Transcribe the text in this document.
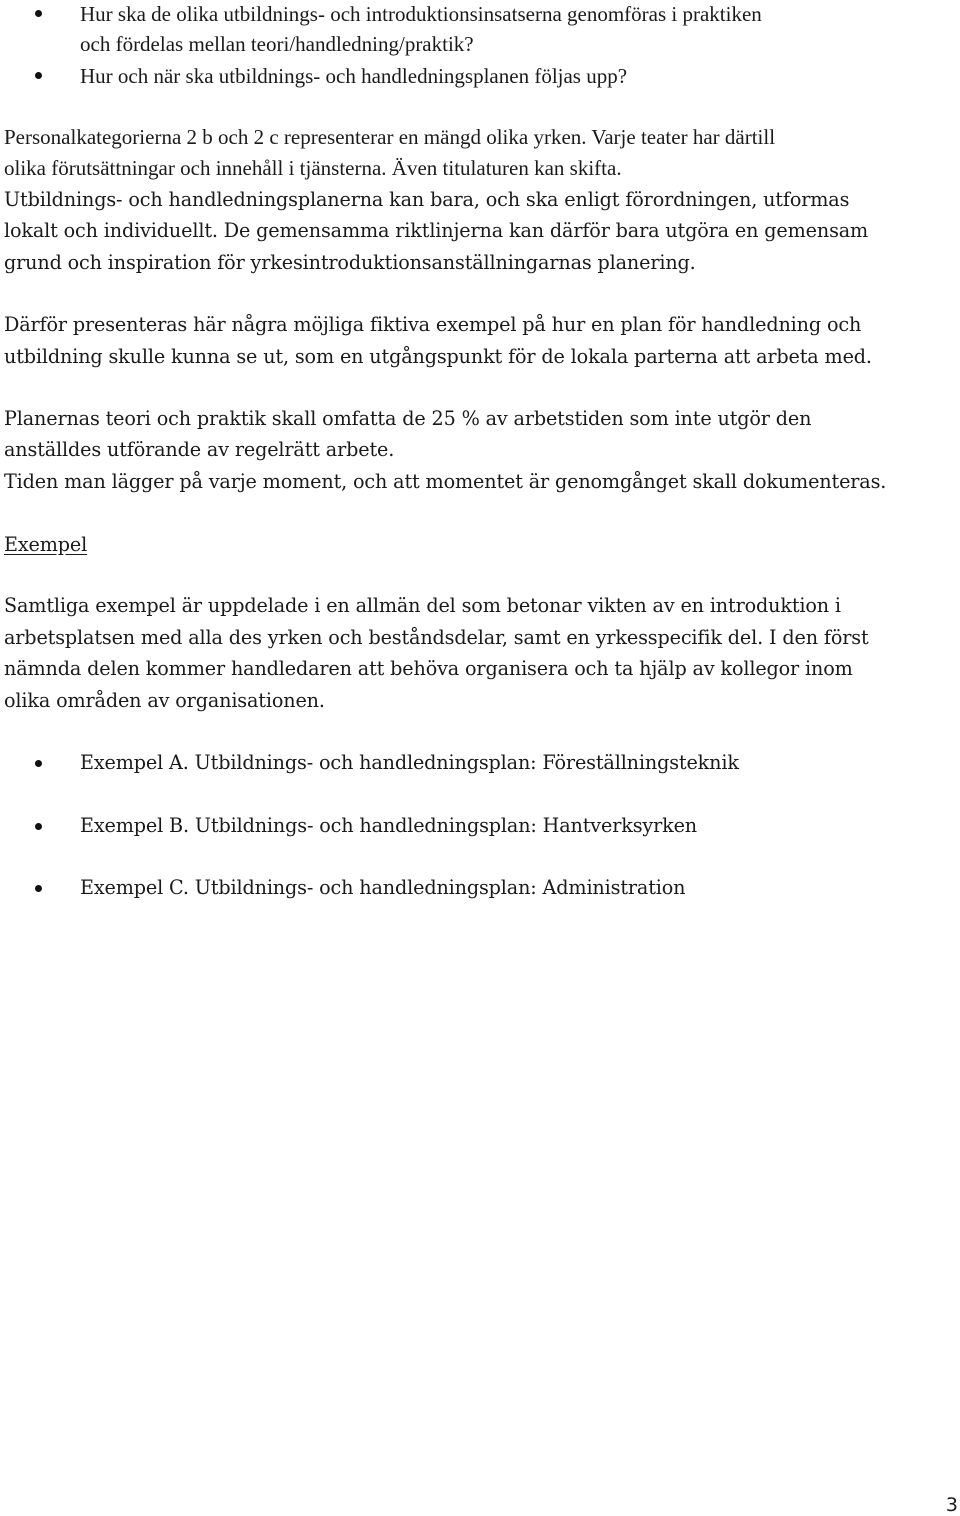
Hur ska de olika utbildnings- och introduktionsinsatserna genomföras i praktiken
och fördelas mellan teori/handledning/praktik?
Hur och när ska utbildnings- och handledningsplanen följas upp?
Personalkategorierna 2 b och 2 c representerar en mängd olika yrken. Varje teater har därtill
olika förutsättningar och innehåll i tjänsterna. Även titulaturen kan skifta.
Utbildnings- och handledningsplanerna kan bara, och ska enligt förordningen, utformas
lokalt och individuellt. De gemensamma riktlinjerna kan därför bara utgöra en gemensam
grund och inspiration för yrkesintroduktionsanställningarnas planering.
Därför presenteras här några möjliga fiktiva exempel på hur en plan för handledning och
utbildning skulle kunna se ut, som en utgångspunkt för de lokala parterna att arbeta med.
Planernas teori och praktik skall omfatta de 25 % av arbetstiden som inte utgör den
anställdes utförande av regelrätt arbete.
Tiden man lägger på varje moment, och att momentet är genomgånget skall dokumenteras.
Exempel
Samtliga exempel är uppdelade i en allmän del som betonar vikten av en introduktion i
arbetsplatsen med alla des yrken och beståndsdelar, samt en yrkesspecifik del. I den först
nämnda delen kommer handledaren att behöva organisera och ta hjälp av kollegor inom
olika områden av organisationen.
Exempel A. Utbildnings- och handledningsplan: Föreställningsteknik
Exempel B. Utbildnings- och handledningsplan: Hantverksyrken
Exempel C. Utbildnings- och handledningsplan: Administration
3
